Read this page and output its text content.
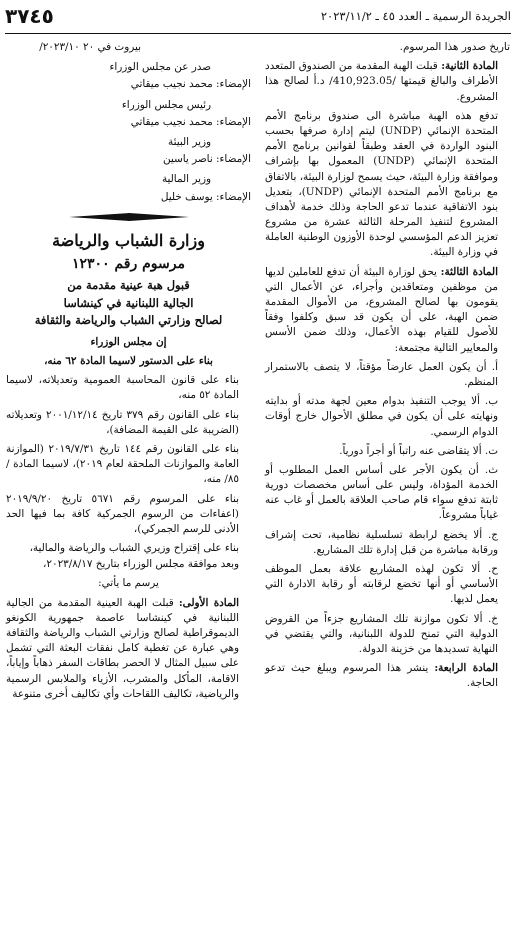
الجريدة الرسمية ـ العدد ٤٥ ـ ٢٠٢٣/١١/٢
٣٧٤٥

تاريخ صدور هذا المرسوم.

المادة الثانية: قبلت الهبة المقدمة من الصندوق المتعدد الأطراف والبالغ قيمتها /410,923.05/ د.أ لصالح هذا المشروع.

تدفع هذه الهبة مباشرة الى صندوق برنامج الأمم المتحدة الإنمائي (UNDP) ليتم إدارة صرفها بحسب البنود الواردة في العقد وطبقاً لقوانين برنامج الأمم المتحدة الإنمائي (UNDP) المعمول بها بإشراف وموافقة وزارة البيئة، حيث يسمح لوزارة البيئة، بالاتفاق مع برنامج الأمم المتحدة الإنمائي (UNDP)، بتعديل بنود الاتفاقية عندما تدعو الحاجة وذلك خدمة لأهداف المشروع لتنفيذ المرحلة الثالثة عشرة من مشروع تعزيز الدعم المؤسسي لوحدة الأوزون الوطنية العاملة في وزارة البيئة.

المادة الثالثة: يحق لوزارة البيئة أن تدفع للعاملين لديها من موظفين ومتعاقدين وأجراء، عن الأعمال التي يقومون بها لصالح المشروع، من الأموال المقدمة ضمن الهبة، على أن يكون قد سبق وكلفوا وفقاً للأصول للقيام بهذه الأعمال، وذلك ضمن الأسس والمعايير التالية مجتمعة:

أ. أن يكون العمل عارضاً مؤقتاً، لا يتصف بالاستمرار المنظم.

ب. ألا يوجب التنفيذ بدوام معين لجهة مدته أو بدايته ونهايته على أن يكون في مطلق الأحوال خارج أوقات الدوام الرسمي.

ت. ألا يتقاضى عنه راتباً أو أجراً دورياً.

ث. أن يكون الأجر على أساس العمل المطلوب أو الخدمة المؤداة، وليس على أساس مخصصات دورية ثابتة تدفع سواء قام صاحب العلاقة بالعمل أو غاب عنه غياباً مشروعاً.

ج. ألا يخضع لرابطة تسلسلية نظامية، تحت إشراف ورقابة مباشرة من قبل إدارة تلك المشاريع.

ح. ألا تكون لهذه المشاريع علاقة بعمل الموظف الأساسي أو أنها تخضع لرقابته أو رقابة الادارة التي يعمل لديها.

خ. ألا تكون موازنة تلك المشاريع جزءاً من القروض الدولية التي تمنح للدولة اللبنانية، والتي يقتضي في النهاية تسديدها من خزينة الدولة.

المادة الرابعة: ينشر هذا المرسوم ويبلغ حيث تدعو الحاجة.

بيروت في ٢٠ ٢٠٢٣/١٠/
صدر عن مجلس الوزراء
الإمضاء: محمد نجيب ميقاتي
رئيس مجلس الوزراء
الإمضاء: محمد نجيب ميقاتي
وزير البيئة
الإمضاء: ناصر ياسين
وزير المالية
الإمضاء: يوسف خليل
وزارة الشباب والرياضة
مرسوم رقم ١٢٣٠٠
قبول هبة عينية مقدمة من
الجالية اللبنانية في كينشاسا
لصالح وزارتي الشباب والرياضة والثقافة
إن مجلس الوزراء

بناء على الدستور لاسيما المادة ٦٢ منه،

بناء على قانون المحاسبة العمومية وتعديلاته، لاسيما المادة ٥٢ منه،

بناء على القانون رقم ٣٧٩ تاريخ ٢٠٠١/١٢/١٤ وتعديلاته (الضريبة على القيمة المضافة)،

بناء على القانون رقم ١٤٤ تاريخ ٢٠١٩/٧/٣١ (الموازنة العامة والموازنات الملحقة لعام ٢٠١٩)، لاسيما المادة /٨٥/ منه،

بناء على المرسوم رقم ٥٦٧١ تاريخ ٢٠١٩/٩/٢٠ (اعفاءات من الرسوم الجمركية كافة بما فيها الحد الأدنى للرسم الجمركي)،

بناء على إقتراح وزيري الشباب والرياضة والمالية،

وبعد موافقة مجلس الوزراء بتاريخ ٢٠٢٣/٨/١٧،

يرسم ما يأتي:

المادة الأولى: قبلت الهبة العينية المقدمة من الجالية اللبنانية في كينشاسا عاصمة جمهورية الكونغو الديموقراطية لصالح وزارتي الشباب والرياضة والثقافة وهي عبارة عن تغطية كامل نفقات البعثة التي تشمل على سبيل المثال لا الحصر بطاقات السفر ذهاباً وإياباً، الاقامة، المأكل والمشرب، الأزياء والملابس الرسمية والرياضية، تكاليف اللقاحات وأي تكاليف أخرى متنوعة
